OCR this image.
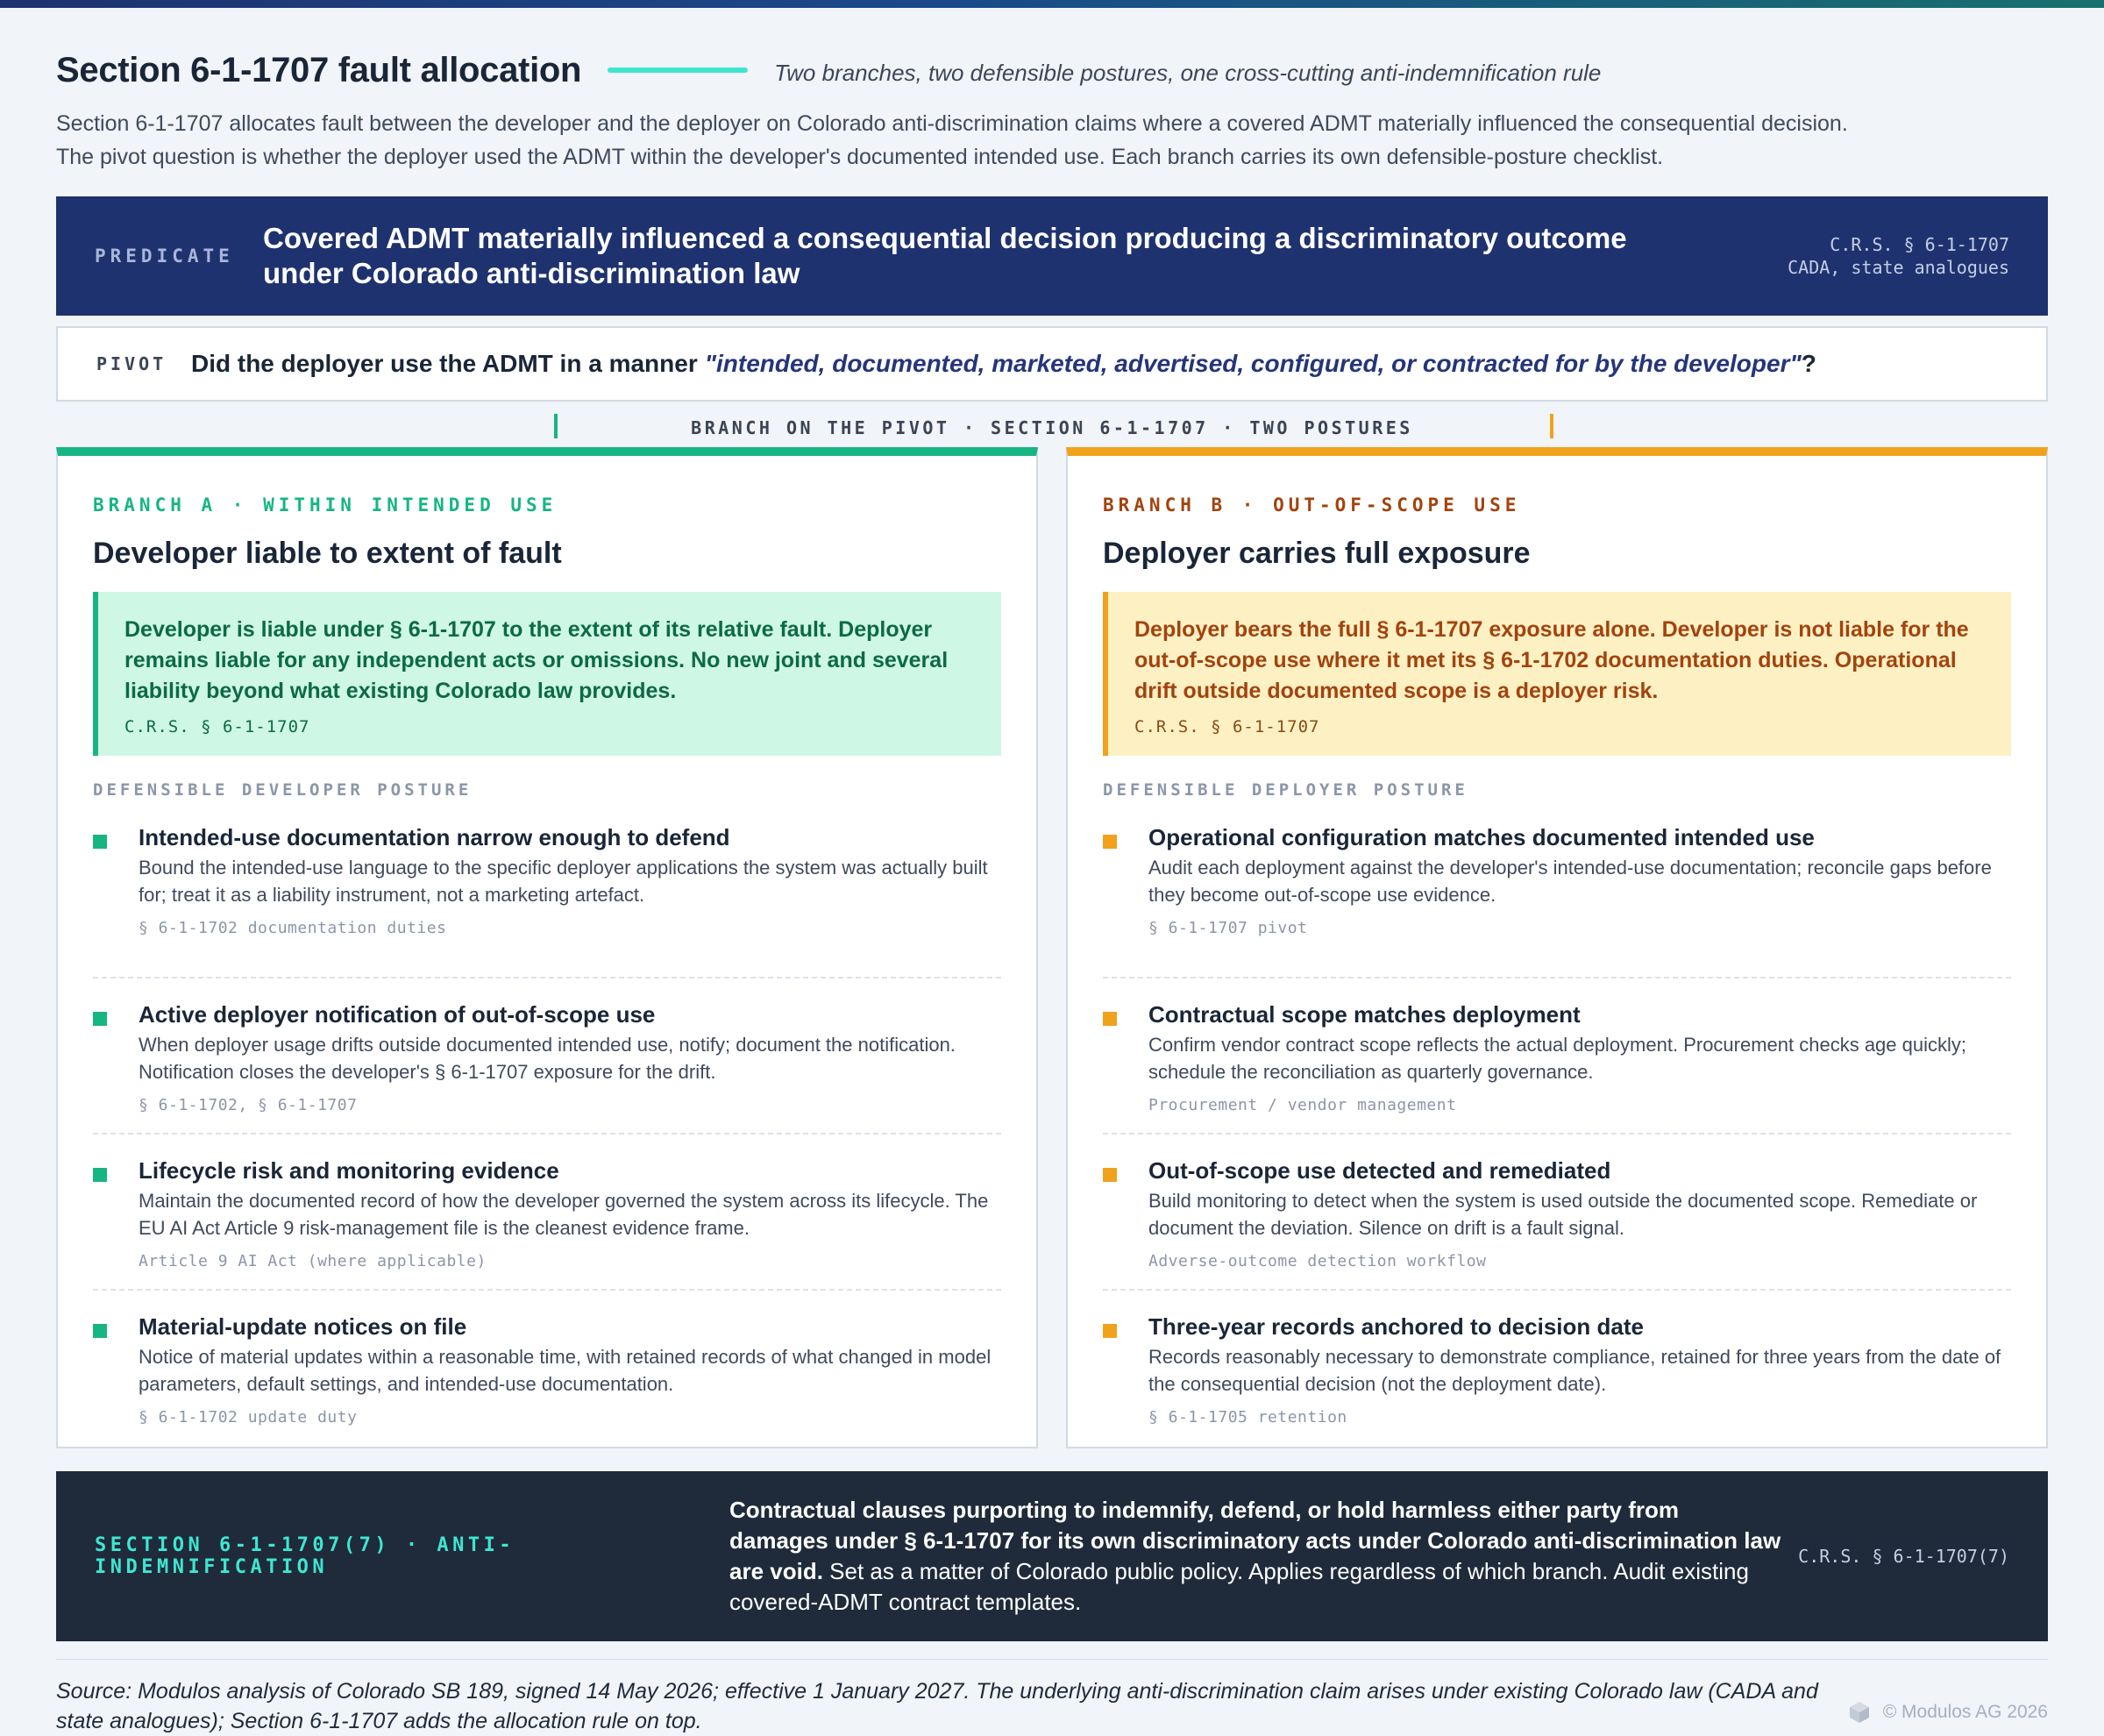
Section 6-1-1707 fault allocation	Two branches, two defensible postures, one cross-cutting anti-indemnification rule
Section 6-1-1707 allocates fault between the developer and the deployer on Colorado anti-discrimination claims where a covered ADMT materially influenced the consequential decision.
The pivot question is whether the deployer used the ADMT within the developer's documented intended use. Each branch carries its own defensible-posture checklist.
PREDICATE
Covered ADMT materially influenced a consequential decision producing a discriminatory outcome under Colorado anti-discrimination law
C.R.S. § 6-1-1707
CADA, state analogues
PIVOT Did the deployer use the ADMT in a manner "intended, documented, marketed, advertised, configured, or contracted for by the developer"?
BRANCH ON THE PIVOT · SECTION 6-1-1707 · TWO POSTURES
BRANCH A · WITHIN INTENDED USE
Developer liable to extent of fault
Developer is liable under § 6-1-1707 to the extent of its relative fault. Deployer remains liable for any independent acts or omissions. No new joint and several liability beyond what existing Colorado law provides.
C.R.S. § 6-1-1707
DEFENSIBLE DEVELOPER POSTURE
Intended-use documentation narrow enough to defend
Bound the intended-use language to the specific deployer applications the system was actually built for; treat it as a liability instrument, not a marketing artefact.
§ 6-1-1702 documentation duties
Active deployer notification of out-of-scope use
When deployer usage drifts outside documented intended use, notify; document the notification. Notification closes the developer's § 6-1-1707 exposure for the drift.
§ 6-1-1702, § 6-1-1707
Lifecycle risk and monitoring evidence
Maintain the documented record of how the developer governed the system across its lifecycle. The EU AI Act Article 9 risk-management file is the cleanest evidence frame.
Article 9 AI Act (where applicable)
Material-update notices on file
Notice of material updates within a reasonable time, with retained records of what changed in model parameters, default settings, and intended-use documentation.
§ 6-1-1702 update duty
BRANCH B · OUT-OF-SCOPE USE
Deployer carries full exposure
Deployer bears the full § 6-1-1707 exposure alone. Developer is not liable for the out-of-scope use where it met its § 6-1-1702 documentation duties. Operational drift outside documented scope is a deployer risk.
C.R.S. § 6-1-1707
DEFENSIBLE DEPLOYER POSTURE
Operational configuration matches documented intended use
Audit each deployment against the developer's intended-use documentation; reconcile gaps before they become out-of-scope use evidence.
§ 6-1-1707 pivot
Contractual scope matches deployment
Confirm vendor contract scope reflects the actual deployment. Procurement checks age quickly; schedule the reconciliation as quarterly governance.
Procurement / vendor management
Out-of-scope use detected and remediated
Build monitoring to detect when the system is used outside the documented scope. Remediate or document the deviation. Silence on drift is a fault signal.
Adverse-outcome detection workflow
Three-year records anchored to decision date
Records reasonably necessary to demonstrate compliance, retained for three years from the date of the consequential decision (not the deployment date).
§ 6-1-1705 retention
SECTION 6-1-1707(7) · ANTI-INDEMNIFICATION
Contractual clauses purporting to indemnify, defend, or hold harmless either party from damages under § 6-1-1707 for its own discriminatory acts under Colorado anti-discrimination law are void. Set as a matter of Colorado public policy. Applies regardless of which branch. Audit existing covered-ADMT contract templates.
C.R.S. § 6-1-1707(7)
Source: Modulos analysis of Colorado SB 189, signed 14 May 2026; effective 1 January 2027. The underlying anti-discrimination claim arises under existing Colorado law (CADA and state analogues); Section 6-1-1707 adds the allocation rule on top.	© Modulos AG 2026
